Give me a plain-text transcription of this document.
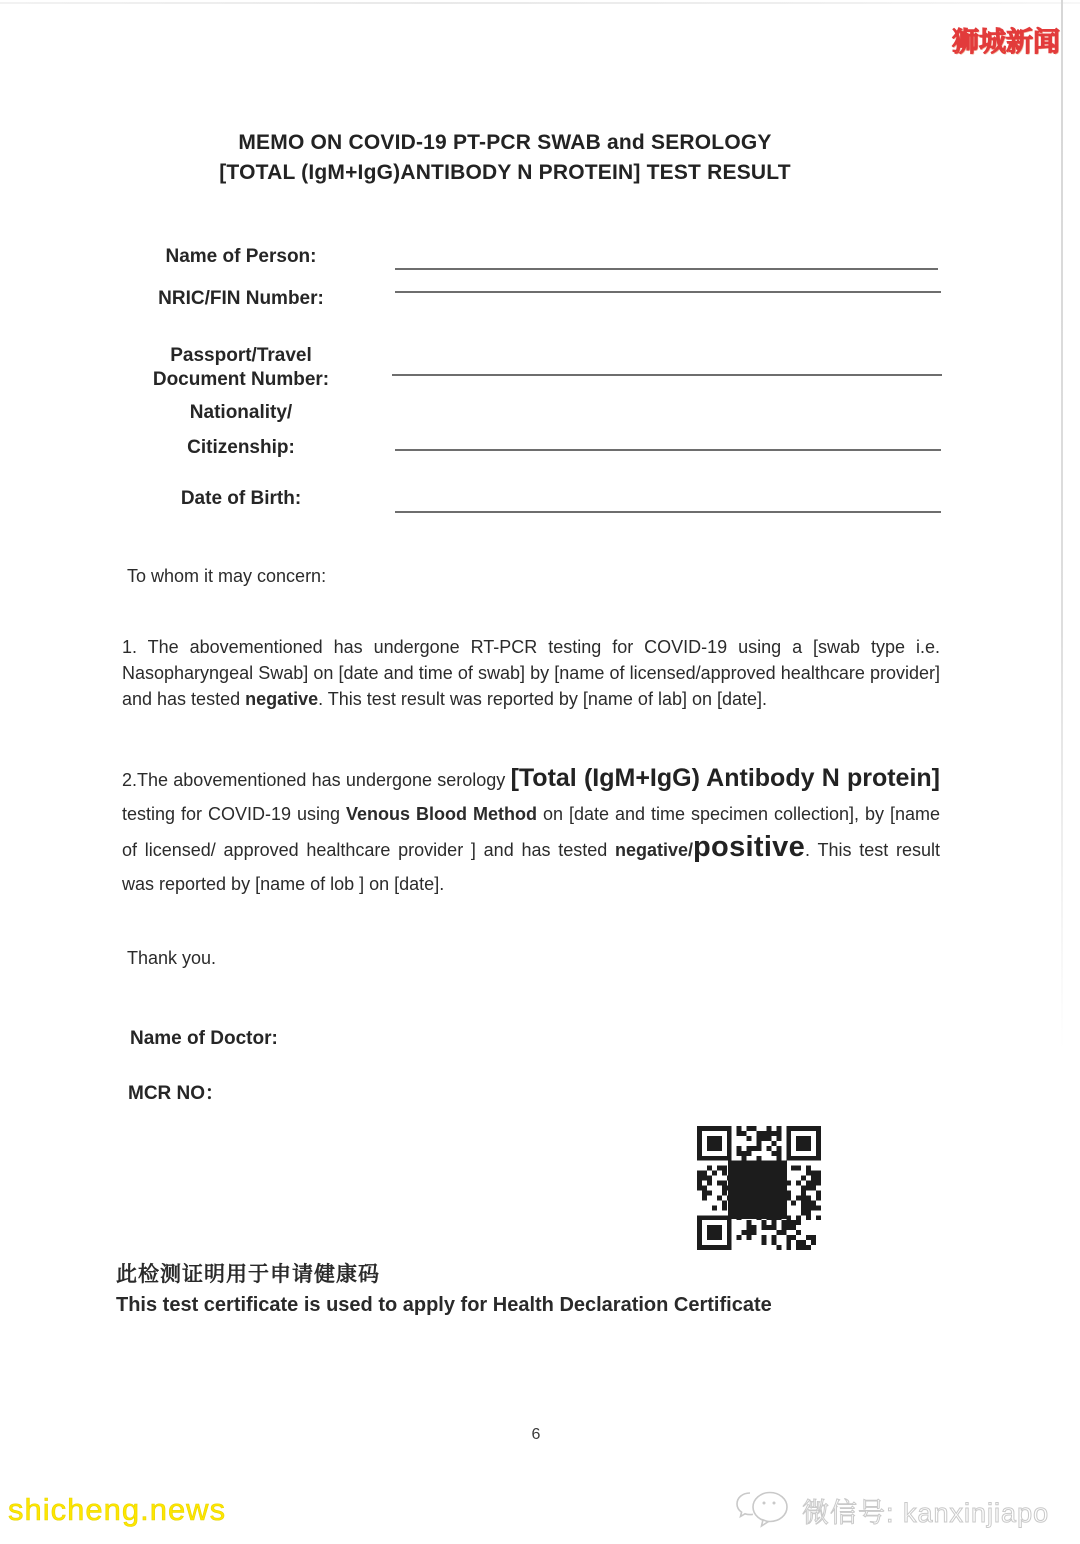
狮城新闻
MEMO ON COVID-19 PT-PCR SWAB and SEROLOGY
[TOTAL (IgM+IgG)ANTIBODY N PROTEIN] TEST RESULT
Name of Person:
NRIC/FIN Number:
Passport/Travel
Document Number:
Nationality/
Citizenship:
Date of Birth:
To whom it may concern:
1. The abovementioned has undergone RT-PCR testing for COVID-19 using a [swab type i.e. Nasopharyngeal Swab] on [date and time of swab] by [name of licensed/approved healthcare provider] and has tested negative. This test result was reported by [name of lab] on [date].
2.The abovementioned has undergone serology [Total (IgM+IgG) Antibody N protein] testing for COVID-19 using Venous Blood Method on [date and time specimen collection], by [name of licensed/ approved healthcare provider ] and has tested negative/positive. This test result was reported by [name of lob ] on [date].
Thank you.
Name of Doctor:
MCR NO：
此检测证明用于申请健康码
This test certificate is used to apply for Health Declaration Certificate
6
shicheng.news	微信号: kanxinjiapo
